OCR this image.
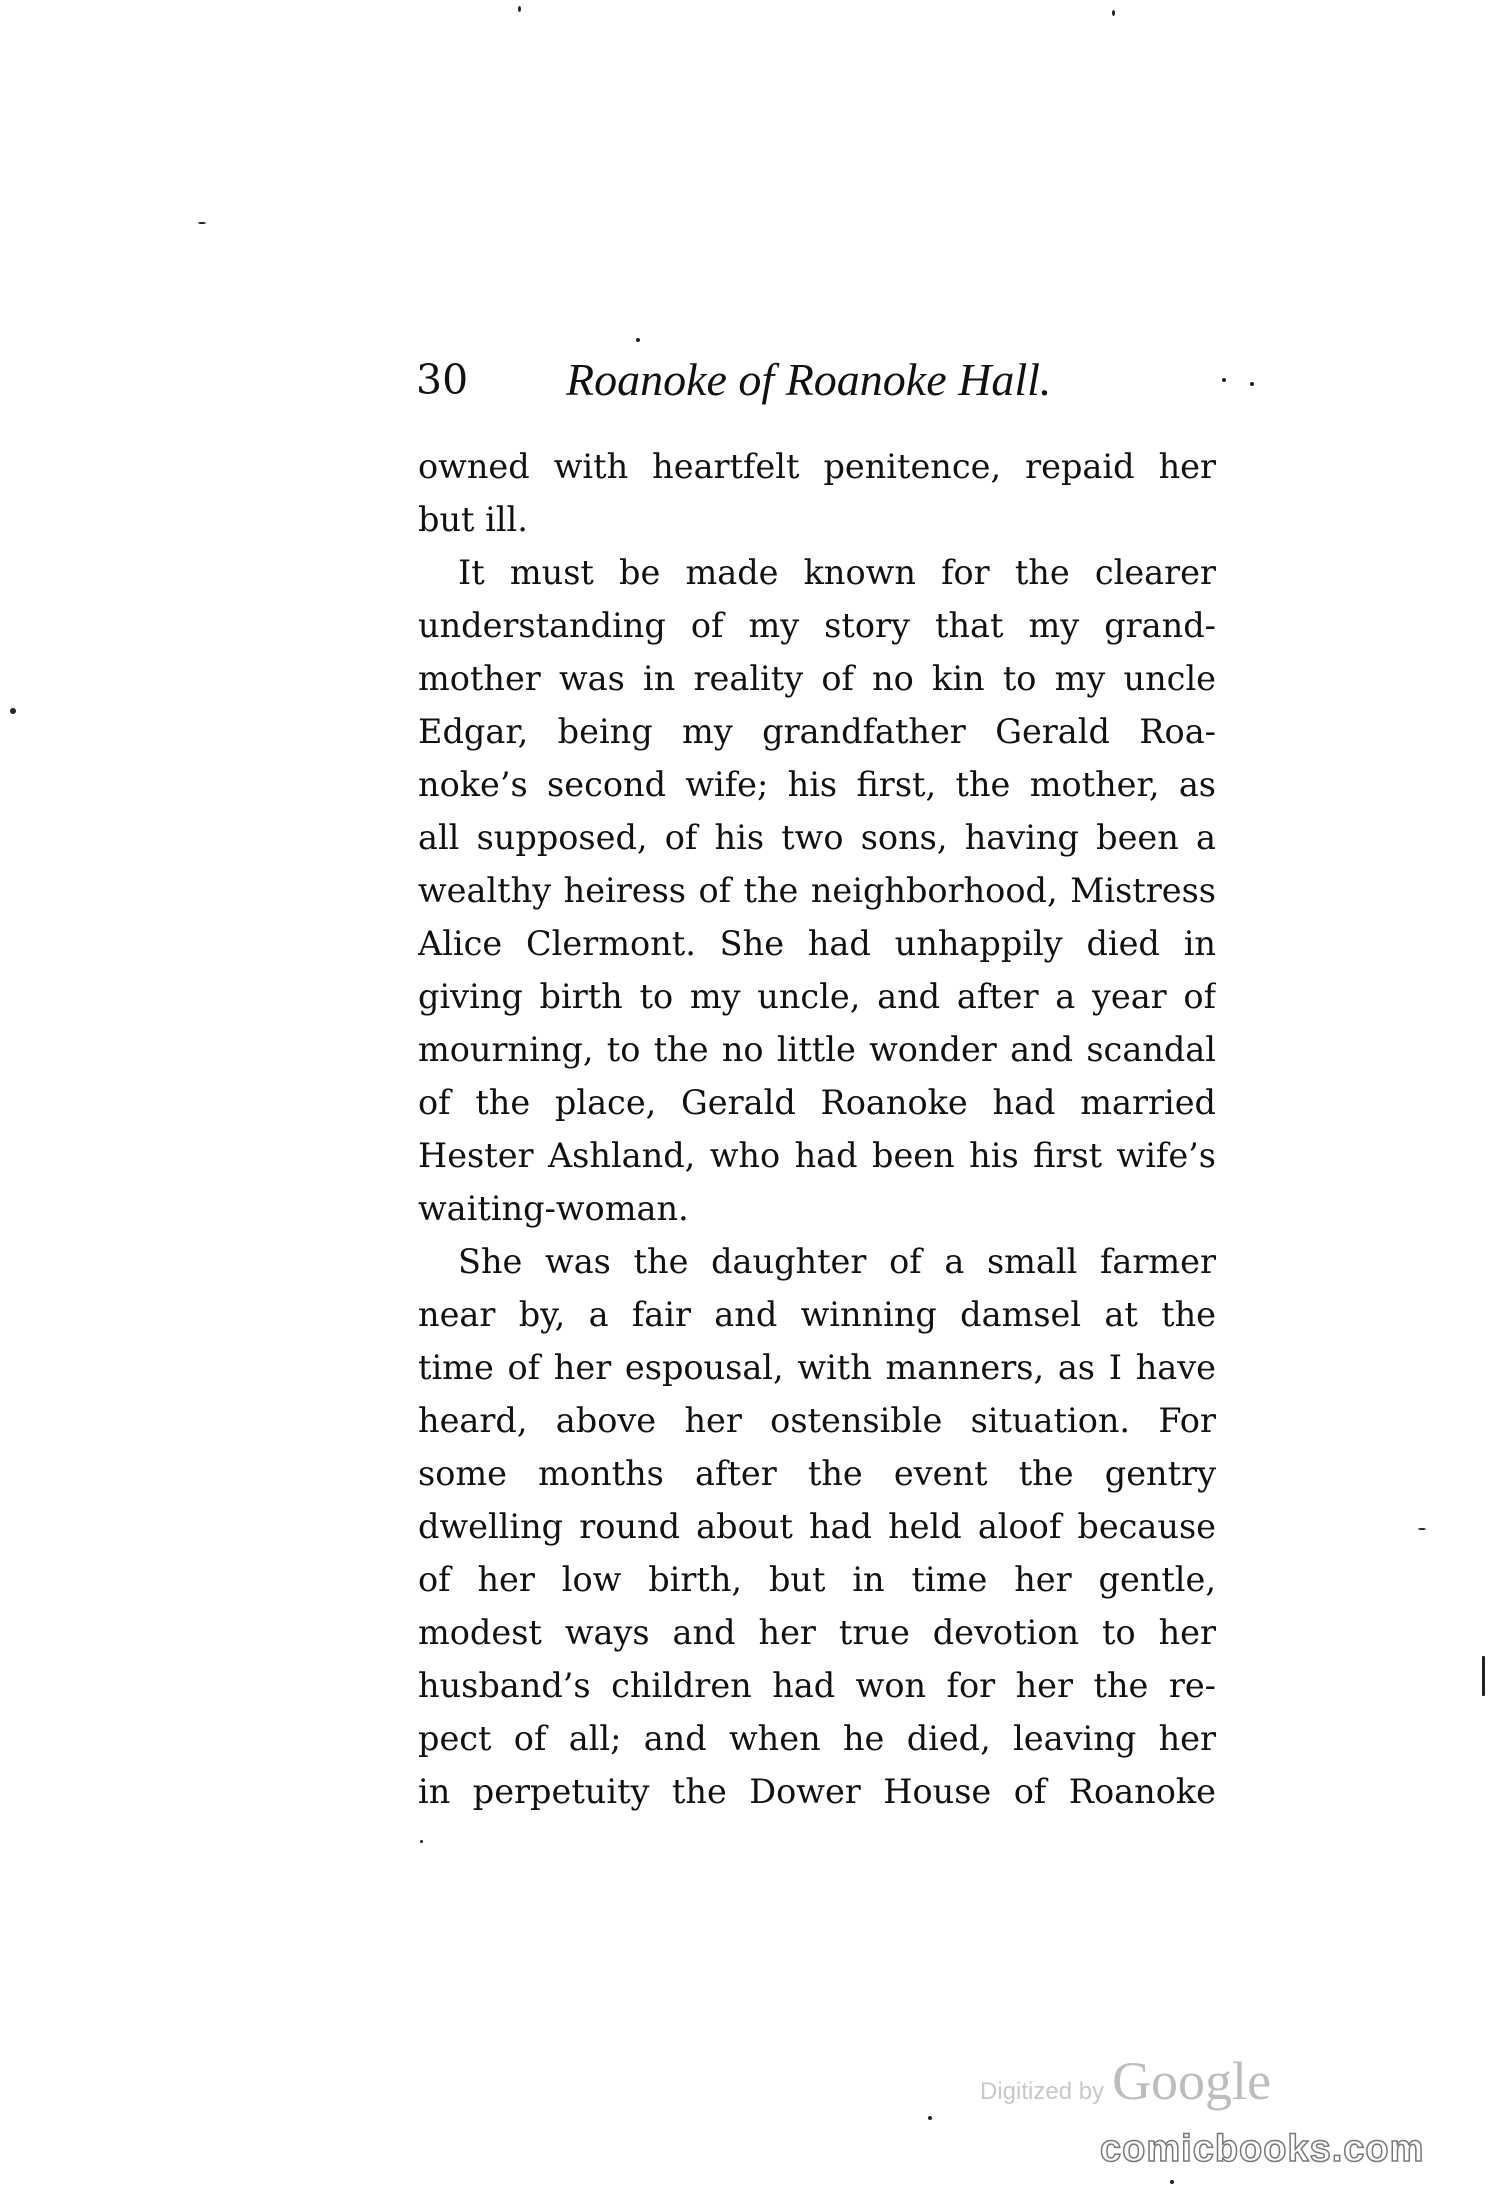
30 Roanoke of Roanoke Hall.
owned with heartfelt penitence, repaid her
but ill.
It must be made known for the clearer
understanding of my story that my grand-
mother was in reality of no kin to my uncle
Edgar, being my grandfather Gerald Roa-
noke’s second wife; his first, the mother, as
all supposed, of his two sons, having been a
wealthy heiress of the neighborhood, Mistress
Alice Clermont. She had unhappily died in
giving birth to my uncle, and after a year of
mourning, to the no little wonder and scandal
of the place, Gerald Roanoke had married
Hester Ashland, who had been his first wife’s
waiting-woman.
She was the daughter of a small farmer
near by, a fair and winning damsel at the
time of her espousal, with manners, as I have
heard, above her ostensible situation. For
some months after the event the gentry
dwelling round about had held aloof because
of her low birth, but in time her gentle,
modest ways and her true devotion to her
husband’s children had won for her the re-
pect of all; and when he died, leaving her
in perpetuity the Dower House of Roanoke
Digitized by Google
comicbooks.com
